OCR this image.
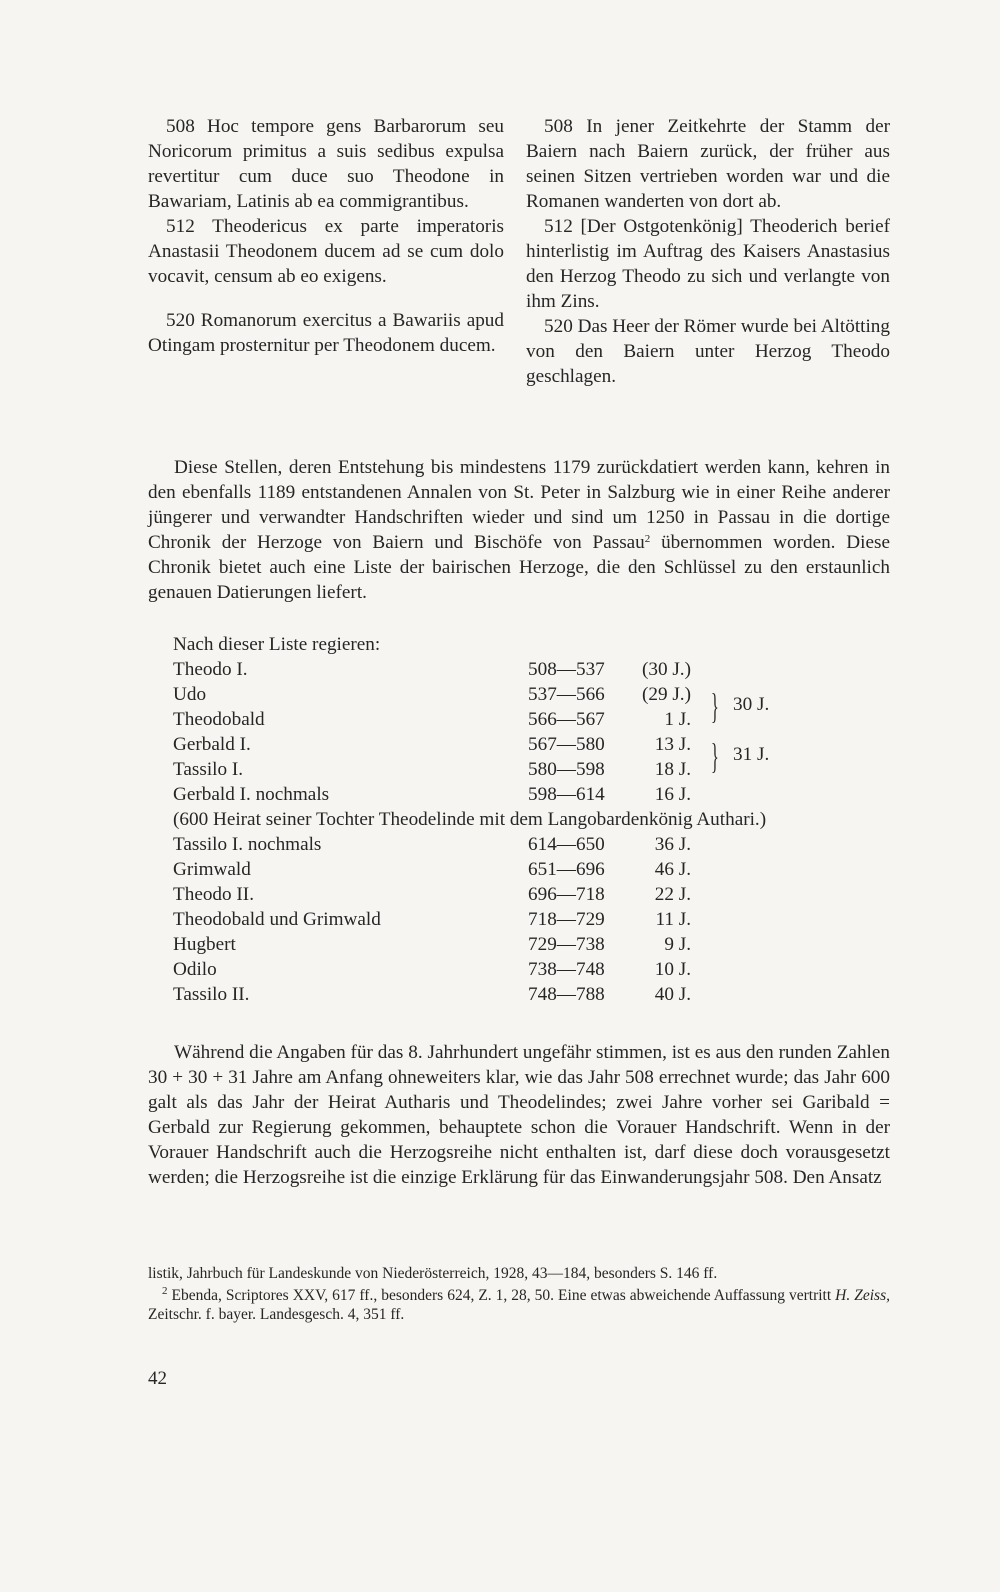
508 Hoc tempore gens Barbarorum seu Noricorum primitus a suis sedibus expulsa revertitur cum duce suo Theodone in Bawariam, Latinis ab ea commigrantibus.

512 Theodericus ex parte imperatoris Anastasii Theodonem ducem ad se cum dolo vocavit, censum ab eo exigens.

520 Romanorum exercitus a Bawariis apud Otingam prosternitur per Theodonem ducem.

508 In jener Zeitkehrte der Stamm der Baiern nach Baiern zurück, der früher aus seinen Sitzen vertrieben worden war und die Romanen wanderten von dort ab.

512 [Der Ostgotenkönig] Theoderich berief hinterlistig im Auftrag des Kaisers Anastasius den Herzog Theodo zu sich und verlangte von ihm Zins.

520 Das Heer der Römer wurde bei Altötting von den Baiern unter Herzog Theodo geschlagen.

Diese Stellen, deren Entstehung bis mindestens 1179 zurückdatiert werden kann, kehren in den ebenfalls 1189 entstandenen Annalen von St. Peter in Salzburg wie in einer Reihe anderer jüngerer und verwandter Handschriften wieder und sind um 1250 in Passau in die dortige Chronik der Herzoge von Baiern und Bischöfe von Passau$^2$ übernommen worden. Diese Chronik bietet auch eine Liste der bairischen Herzoge, die den Schlüssel zu den erstaunlich genauen Datierungen liefert.

Nach dieser Liste regieren:

Theodo I.	508—537	(30 J.)
Udo	537—566	(29 J.)
Theodobald	566—567	1 J.
Gerbald I.	567—580	13 J.
Tassilo I.	580—598	18 J.
Gerbald I. nochmals	598—614	16 J.
(600 Heirat seiner Tochter Theodelinde mit dem Langobardenkönig Authari.)
Tassilo I. nochmals	614—650	36 J.
Grimwald	651—696	46 J.
Theodo II.	696—718	22 J.
Theodobald und Grimwald	718—729	11 J.
Hugbert	729—738	9 J.
Odilo	738—748	10 J.
Tassilo II.	748—788	40 J.
} 30 J.
} 31 J.

Während die Angaben für das 8. Jahrhundert ungefähr stimmen, ist es aus den runden Zahlen 30 + 30 + 31 Jahre am Anfang ohneweiters klar, wie das Jahr 508 errechnet wurde; das Jahr 600 galt als das Jahr der Heirat Autharis und Theodelindes; zwei Jahre vorher sei Garibald = Gerbald zur Regierung gekommen, behauptete schon die Vorauer Handschrift. Wenn in der Vorauer Handschrift auch die Herzogsreihe nicht enthalten ist, darf diese doch vorausgesetzt werden; die Herzogsreihe ist die einzige Erklärung für das Einwanderungsjahr 508. Den Ansatz

listik, Jahrbuch für Landeskunde von Niederösterreich, 1928, 43—184, besonders S. 146 ff.

$^2$ Ebenda, Scriptores XXV, 617 ff., besonders 624, Z. 1, 28, 50. Eine etwas abweichende Auffassung vertritt H. Zeiss, Zeitschr. f. bayer. Landesgesch. 4, 351 ff.

42
